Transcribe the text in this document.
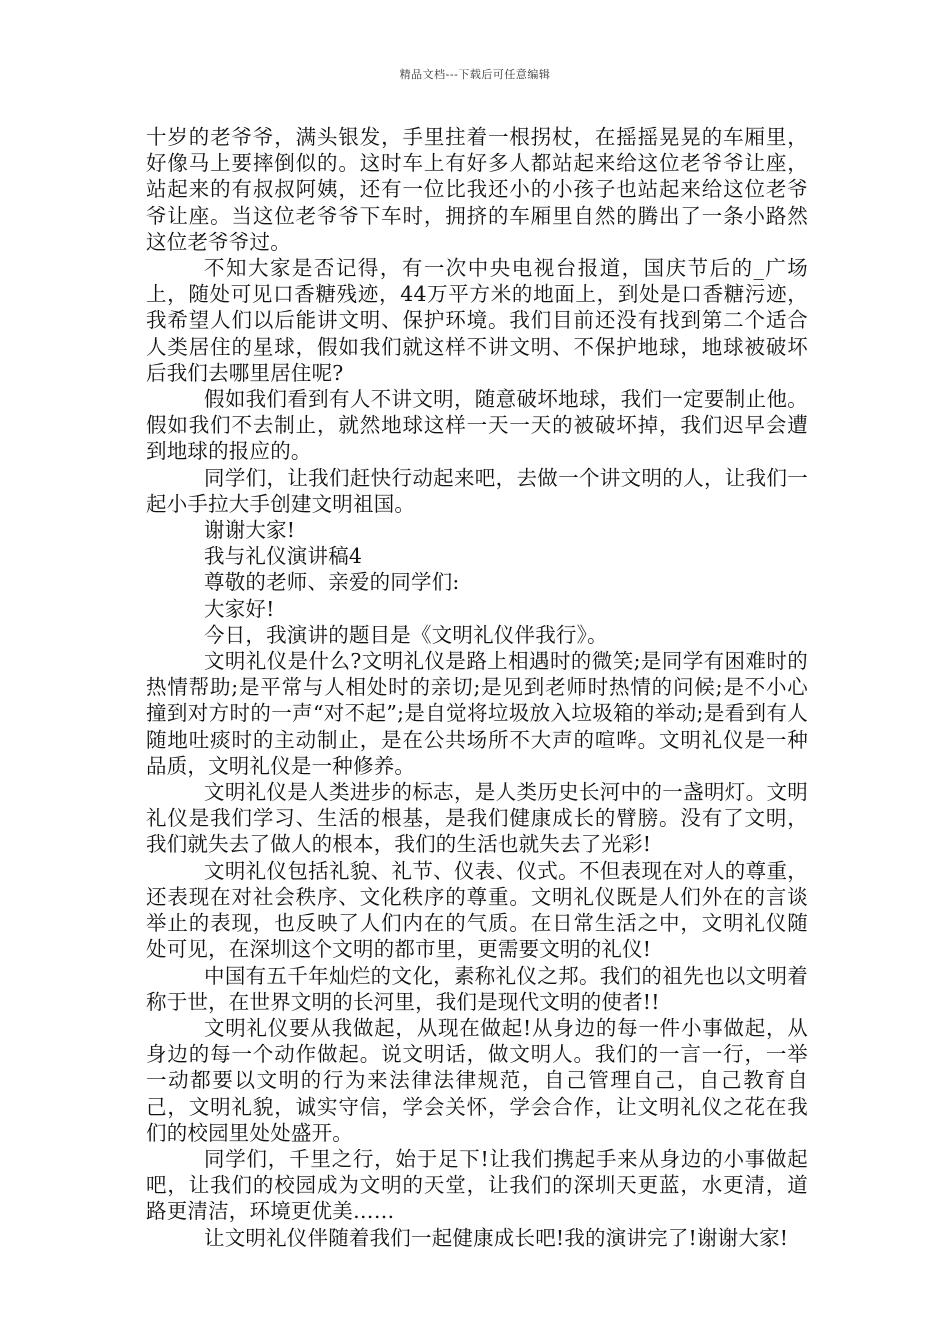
精品文档---下载后可任意编辑

十岁的老爷爷，满头银发，手里拄着一根拐杖，在摇摇晃晃的车厢里，好像马上要摔倒似的。这时车上有好多人都站起来给这位老爷爷让座，站起来的有叔叔阿姨，还有一位比我还小的小孩子也站起来给这位老爷爷让座。当这位老爷爷下车时，拥挤的车厢里自然的腾出了一条小路然这位老爷爷过。

不知大家是否记得，有一次中央电视台报道，国庆节后的_广场上，随处可见口香糖残迹，44万平方米的地面上，到处是口香糖污迹，我希望人们以后能讲文明、保护环境。我们目前还没有找到第二个适合人类居住的星球，假如我们就这样不讲文明、不保护地球，地球被破坏后我们去哪里居住呢?

假如我们看到有人不讲文明，随意破坏地球，我们一定要制止他。假如我们不去制止，就然地球这样一天一天的被破坏掉，我们迟早会遭到地球的报应的。

同学们，让我们赶快行动起来吧，去做一个讲文明的人，让我们一起小手拉大手创建文明祖国。

谢谢大家!

我与礼仪演讲稿4

尊敬的老师、亲爱的同学们:

大家好!

今日，我演讲的题目是《文明礼仪伴我行》。

文明礼仪是什么?文明礼仪是路上相遇时的微笑;是同学有困难时的热情帮助;是平常与人相处时的亲切;是见到老师时热情的问候;是不小心撞到对方时的一声“对不起”;是自觉将垃圾放入垃圾箱的举动;是看到有人随地吐痰时的主动制止，是在公共场所不大声的喧哗。文明礼仪是一种品质，文明礼仪是一种修养。

文明礼仪是人类进步的标志，是人类历史长河中的一盏明灯。文明礼仪是我们学习、生活的根基，是我们健康成长的臂膀。没有了文明，我们就失去了做人的根本，我们的生活也就失去了光彩!

文明礼仪包括礼貌、礼节、仪表、仪式。不但表现在对人的尊重，还表现在对社会秩序、文化秩序的尊重。文明礼仪既是人们外在的言谈举止的表现，也反映了人们内在的气质。在日常生活之中，文明礼仪随处可见，在深圳这个文明的都市里，更需要文明的礼仪!

中国有五千年灿烂的文化，素称礼仪之邦。我们的祖先也以文明着称于世，在世界文明的长河里，我们是现代文明的使者!!

文明礼仪要从我做起，从现在做起!从身边的每一件小事做起，从身边的每一个动作做起。说文明话，做文明人。我们的一言一行，一举一动都要以文明的行为来法律法律规范，自己管理自己，自己教育自己，文明礼貌，诚实守信，学会关怀，学会合作，让文明礼仪之花在我们的校园里处处盛开。

同学们，千里之行，始于足下!让我们携起手来从身边的小事做起吧，让我们的校园成为文明的天堂，让我们的深圳天更蓝，水更清，道路更清洁，环境更优美……

让文明礼仪伴随着我们一起健康成长吧!我的演讲完了!谢谢大家!
